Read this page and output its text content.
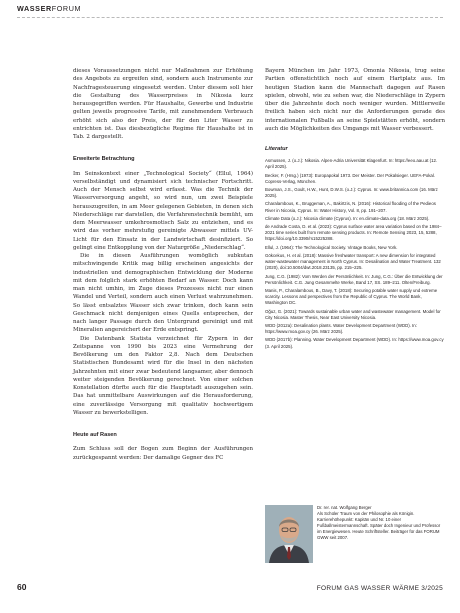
WASSERFORUM

dieses Voraussetzungen nicht nur Maßnahmen zur Erhöhung des Angebots zu ergreifen sind, sondern auch Instrumente zur Nachfragesteuerung eingesetzt werden. Unter diesem soll hier die Gestaltung des Wasserpreises in Nikosia kurz herausgegriffen werden. Für Haushalte, Gewerbe und Industrie gelten jeweils progressive Tarife, mit zunehmendem Verbrauch erhöht sich also der Preis, der für den Liter Wasser zu entrichten ist. Das diesbezügliche Regime für Haushalte ist in Tab. 2 dargestellt.

Erweiterte Betrachtung

Im Seinskontext einer „Technological Society“ (Ellul, 1964) verselbständigt und dynamisiert sich technischer Fortschritt. Auch der Mensch selbst wird erfasst. Was die Technik der Wasserversorgung angeht, so wird nun, um zwei Beispiele herauszugreifen, in am Meer gelegenen Gebieten, in denen sich Niederschläge rar darstellen, die Verfahrenstechnik bemüht, um dem Meerwasser umkehrosmotisch Salz zu entziehen, und es wird das vorher mehrstufig gereinigte Abwasser mittels UV-Licht für den Einsatz in der Landwirtschaft desinfiziert. So gelingt eine Entkopplung von der Naturgröße „Niederschlag“.

Die in diesen Ausführungen womöglich subkutan mitschwingende Kritik mag billig erscheinen angesichts der industriellen und demographischen Entwicklung der Moderne mit dem folglich stark erhöhten Bedarf an Wasser. Doch kann man nicht umhin, im Zuge dieses Prozesses nicht nur einen Wandel und Verteil, sondern auch einen Verlust wahrzunehmen. So lässt entsalztes Wasser sich zwar trinken, doch kann sein Geschmack nicht demjenigen eines Quells entsprechen, der nach langer Passage durch den Untergrund gereinigt und mit Mineralien angereichert der Erde entspringt.

Die Datenbank Statista verzeichnet für Zypern in der Zeitspanne von 1990 bis 2023 eine Vermehrung der Bevölkerung um den Faktor 2,8. Nach dem Deutschen Statistischen Bundesamt wird für die Insel in den nächsten Jahrzehnten mit einer zwar bedeutend langsamer, aber dennoch weiter steigenden Bevölkerung gerechnet. Von einer solchen Konstellation dürfte auch für die Hauptstadt auszugehen sein. Das hat unmittelbare Auswirkungen auf die Herausforderung, eine zuverlässige Versorgung mit qualitativ hochwertigem Wasser zu bewerkstelligen.

Heute auf Rasen

Zum Schluss soll der Bogen zum Beginn der Ausführungen zurückgespannt werden: Der damalige Gegner des FC

Bayern München im Jahr 1973, Omonia Nikosia, trug seine Partien offenstichtlich noch auf einem Hartplatz aus. Im heutigen Stadion kann die Mannschaft dagegen auf Rasen spielen, obwohl, wie zu sehen war, die Niederschläge in Zypern über die Jahrzehnte doch noch weniger wurden. Mittlerweile freilich haben sich nicht nur die Anforderungen gerade des internationalen Fußballs an seine Spielstätten erhöht, sondern auch die Möglichkeiten des Umgangs mit Wasser verbessert.

Literatur
Asmussen, J. (o.J.): Nikosia. Alpen-Adria Universität Klagenfurt. In: https://eeo.aau.at (12. April 2025).
Becker, F. (Hrsg.) (1973): Europapokal 1973. Der Meister. Der Pokalsieger. UEFA-Pokal. Copress-Verlag, München.
Bowman, J.S., Goult, H.W., Hunt, D.W.S. (o.J.): Cyprus. In: www.britannica.com (16. März 2025).
Charalambous, K., Bruggeman, A., Bakirtzis, N. (2016): Historical flooding of the Pedieos River in Nicosia, Cyprus. In: Water History, Vol. 8, pp. 191–207.
Climate Data (o.J.): Nicosia climate (Cyprus). In: en.climate-data.org (18. März 2025).
de Andrade Costa, D. et al. (2023): Cyprus surface water area variation based on the 1984–2021 time series built from remote sensing products. In: Remote Sensing 2023, 15, 5288, https://doi.org/10.3390/rs15225288.
Ellul, J. (1964): The Technological Society. Vintage Books, New York.
Gökcekus, H. et al. (2018): Massive freshwater transport: A new dimension for integrated water-wastewater management in North Cyprus. In: Desalination and Water Treatment. 132 (2020), doi:10.5004/dwt.2018.23135, pp. 215–225.
Jung, C.G. (1982): Vom Werden der Persönlichkeit. In: Jung, C.G.: Über die Entwicklung der Persönlichkeit. C.G. Jung Gesammelte Werke, Band 17, SS. 189–211. Olten/Freiburg.
Manis, P., Charalambous, B., Davy, T. (2018): Securing potable water supply und extreme scarcity. Lessons and perspectives from the Republic of Cyprus. The World Bank, Washington DC.
Oğuz, G. (2021): Towards sustainable urban water and wastewater management. Model for City Nicosia. Master Thesis, Near East University Nicosia.
WDD (2012a): Desalination plants. Water Development Department (WDD). In: https://www.moa.gov.cy (26. März 2025).
WDD (2017b): Planning. Water Development Department (WDD). In: https://www.moa.gov.cy (3. April 2025).
Dr. rer. nat. Wolfgang Berger
Als Schüler Traum von der Philosophie als Königin. Karrierehöhepunkt: Kapitän und Nr. 10 einer Fußballmeistermannschaft. Später doch Ingenieur und Professor im Energiewesen. Heute Schriftsteller. Beiträger für das FORUM GWW seit 2007.
60	FORUM GAS WASSER WÄRME 3/2025
